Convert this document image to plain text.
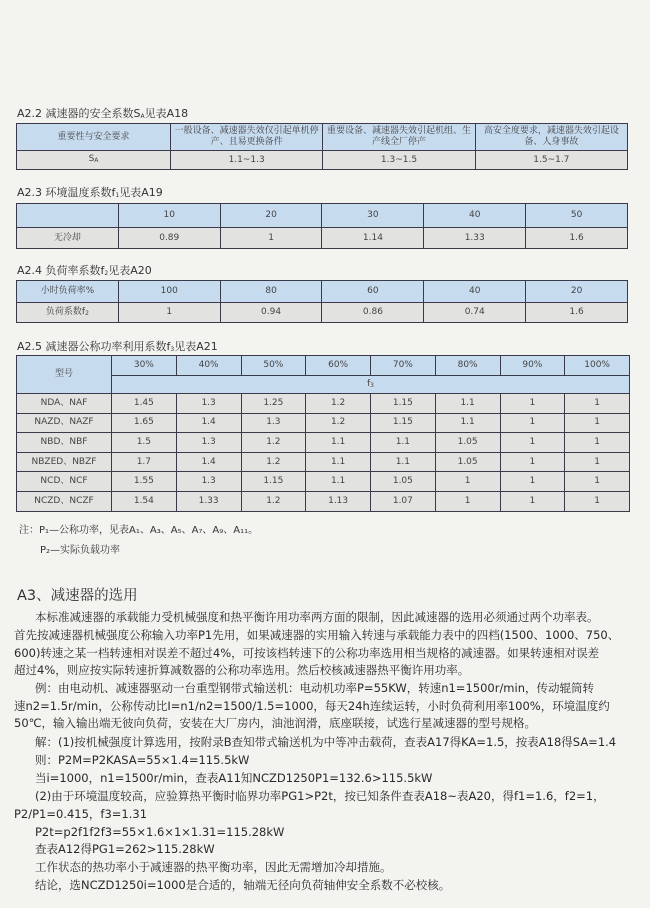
A2.2 减速器的安全系数$S_A$见表A18
重要性与安全要求	一般设备、减速器失效仅引起单机停产、且易更换备件	重要设备、减速器失效引起机组、生产线全厂停产	高安全度要求，减速器失效引起设备、人身事故
$S_A$	1.1~1.3	1.3~1.5	1.5~1.7
A2.3 环境温度系数$f_1$见表A19
	10	20	30	40	50
无冷却	0.89	1	1.14	1.33	1.6
A2.4 负荷率系数$f_2$见表A20
小时负荷率%	100	80	60	40	20
负荷系数$f_2$	1	0.94	0.86	0.74	1.6
A2.5 减速器公称功率利用系数$f_3$见表A21
型号	30%	40%	50%	60%	70%	80%	90%	100%
	$f_3$
NDA、NAF	1.45	1.3	1.25	1.2	1.15	1.1	1	1
NAZD、NAZF	1.65	1.4	1.3	1.2	1.15	1.1	1	1
NBD、NBF	1.5	1.3	1.2	1.1	1.1	1.05	1	1
NBZED、NBZF	1.7	1.4	1.2	1.1	1.1	1.05	1	1
NCD、NCF	1.55	1.3	1.15	1.1	1.05	1	1	1
NCZD、NCZF	1.54	1.33	1.2	1.13	1.07	1	1	1
注：P₁—公称功率，见表A₁、A₃、A₅、A₇、A₉、A₁₁。
P₂—实际负载功率
A3、减速器的选用
本标准减速器的承载能力受机械强度和热平衡许用功率两方面的限制，因此减速器的选用必须通过两个功率表。
首先按减速器机械强度公称输入功率P1先用，如果减速器的实用输入转速与承载能力表中的四档(1500、1000、750、
600)转速之某一档转速相对误差不超过4%，可按该档转速下的公称功率选用相当规格的减速器。如果转速相对误差
超过4%，则应按实际转速折算减数器的公称功率选用。然后校核减速器热平衡许用功率。
例：由电动机、减速器驱动一台重型钢带式输送机：电动机功率P=55KW，转速n1=1500r/min，传动辊筒转
速n2=1.5r/min，公称传动比I=n1/n2=1500/1.5=1000，每天24h连续运转，小时负荷利用率100%，环境温度约
50℃，输入输出端无彼向负荷，安装在大厂房内，油池润滑，底座联接，试选行星减速器的型号规格。
解：(1)按机械强度计算选用，按附录B查知带式输送机为中等冲击载荷，查表A17得KA=1.5，按表A18得SA=1.4
则：P2M=P2KASA=55×1.4=115.5kW
当i=1000，n1=1500r/min，查表A11知NCZD1250P1=132.6>115.5kW
(2)由于环境温度较高，应验算热平衡时临界功率PG1>P2t，按已知条件查表A18~表A20，得f1=1.6，f2=1，
P2/P1=0.415，f3=1.31
P2t=p2f1f2f3=55×1.6×1×1.31=115.28kW
查表A12得PG1=262>115.28kW
工作状态的热功率小于减速器的热平衡功率，因此无需增加冷却措施。
结论，选NCZD1250i=1000是合适的，轴端无径向负荷轴伸安全系数不必校核。
